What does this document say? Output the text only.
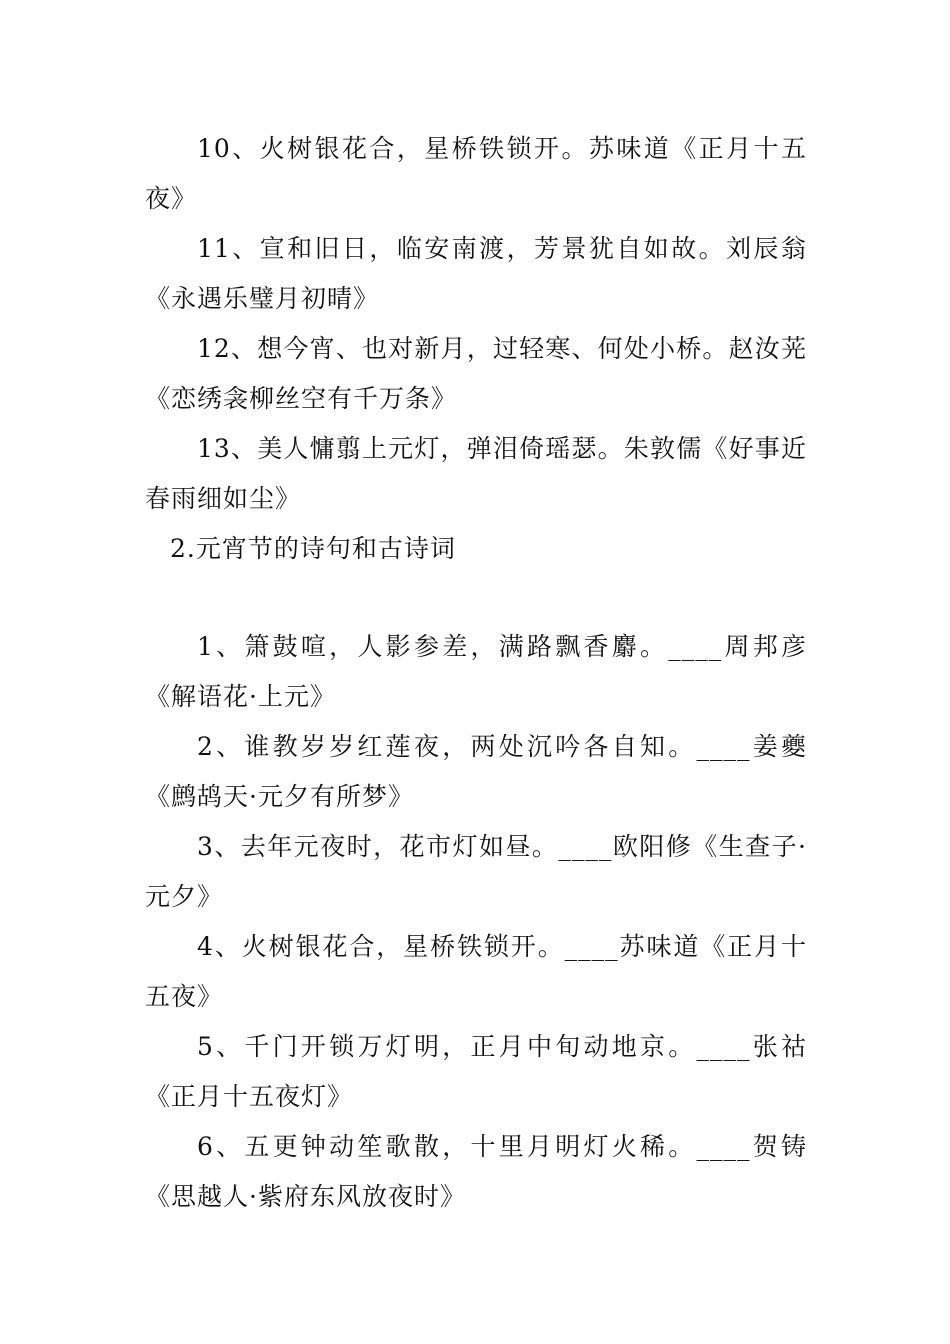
10、火树银花合，星桥铁锁开。苏味道《正月十五夜》

11、宣和旧日，临安南渡，芳景犹自如故。刘辰翁《永遇乐璧月初晴》

12、想今宵、也对新月，过轻寒、何处小桥。赵汝茪《恋绣衾柳丝空有千万条》

13、美人慵翦上元灯，弹泪倚瑶瑟。朱敦儒《好事近春雨细如尘》

2.元宵节的诗句和古诗词

1、箫鼓喧，人影参差，满路飘香麝。____周邦彦《解语花·上元》

2、谁教岁岁红莲夜，两处沉吟各自知。____姜夔《鹧鸪天·元夕有所梦》

3、去年元夜时，花市灯如昼。____欧阳修《生查子·元夕》

4、火树银花合，星桥铁锁开。____苏味道《正月十五夜》

5、千门开锁万灯明，正月中旬动地京。____张祜《正月十五夜灯》

6、五更钟动笙歌散，十里月明灯火稀。____贺铸《思越人·紫府东风放夜时》
